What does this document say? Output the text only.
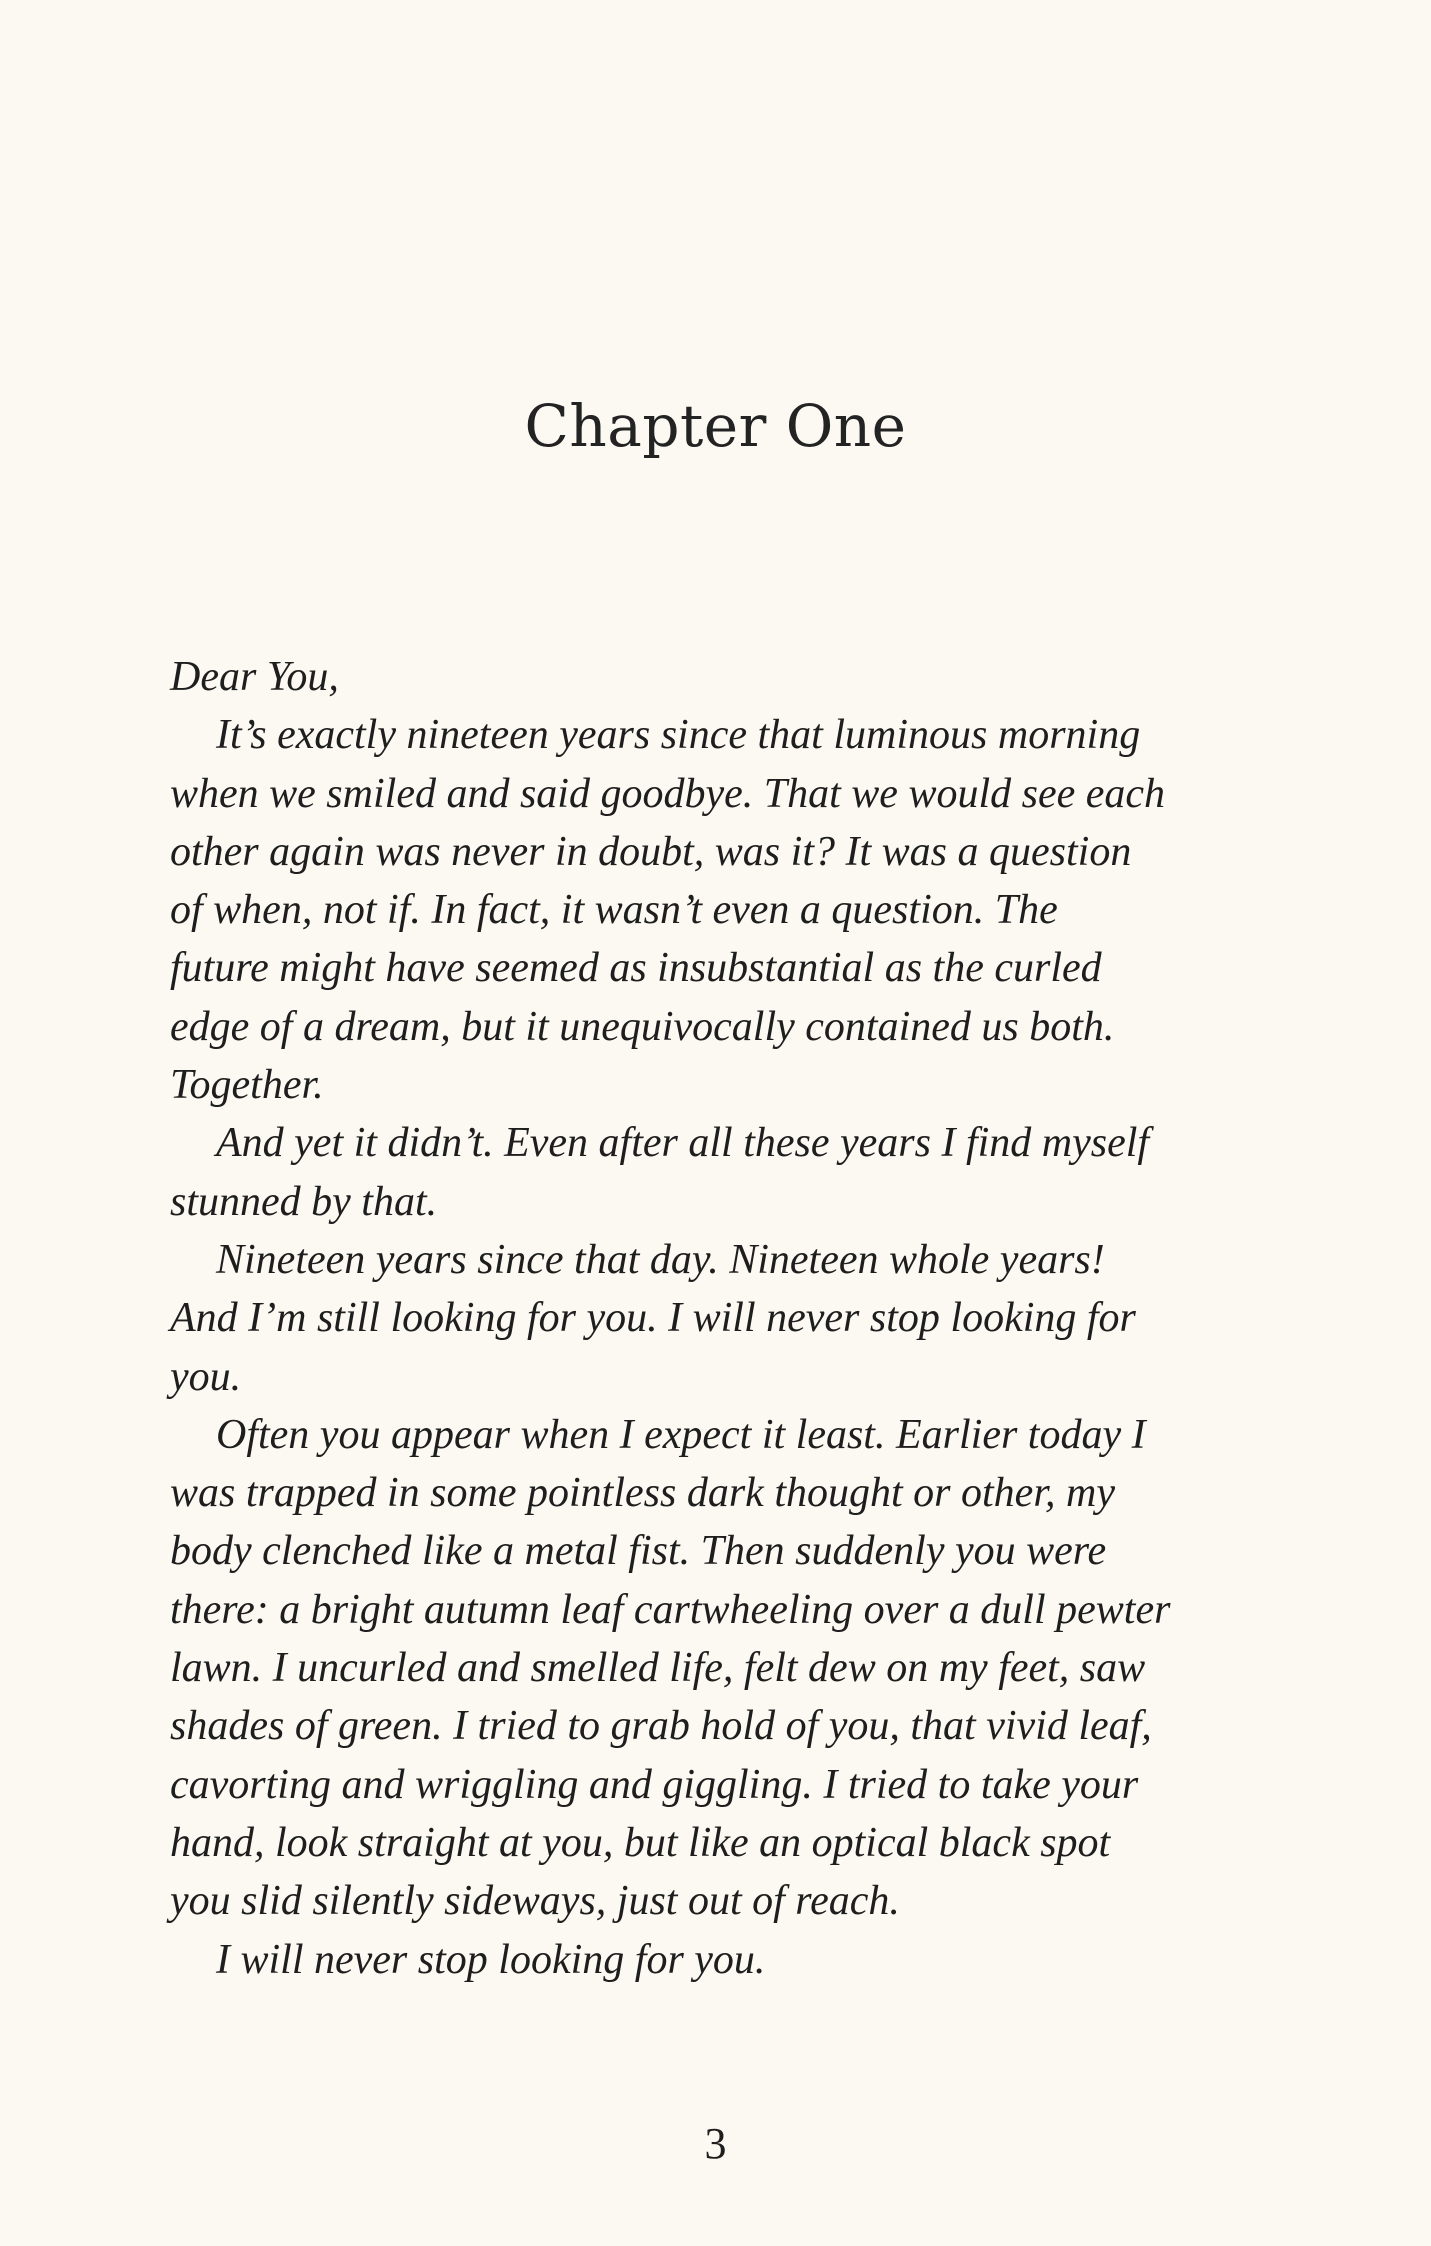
Chapter One
Dear You,
It’s exactly nineteen years since that luminous morning
when we smiled and said goodbye. That we would see each
other again was never in doubt, was it? It was a question
of when, not if. In fact, it wasn’t even a question. The
future might have seemed as insubstantial as the curled
edge of a dream, but it unequivocally contained us both.
Together.
And yet it didn’t. Even after all these years I find myself
stunned by that.
Nineteen years since that day. Nineteen whole years!
And I’m still looking for you. I will never stop looking for
you.
Often you appear when I expect it least. Earlier today I
was trapped in some pointless dark thought or other, my
body clenched like a metal fist. Then suddenly you were
there: a bright autumn leaf cartwheeling over a dull pewter
lawn. I uncurled and smelled life, felt dew on my feet, saw
shades of green. I tried to grab hold of you, that vivid leaf,
cavorting and wriggling and giggling. I tried to take your
hand, look straight at you, but like an optical black spot
you slid silently sideways, just out of reach.
I will never stop looking for you.
3
